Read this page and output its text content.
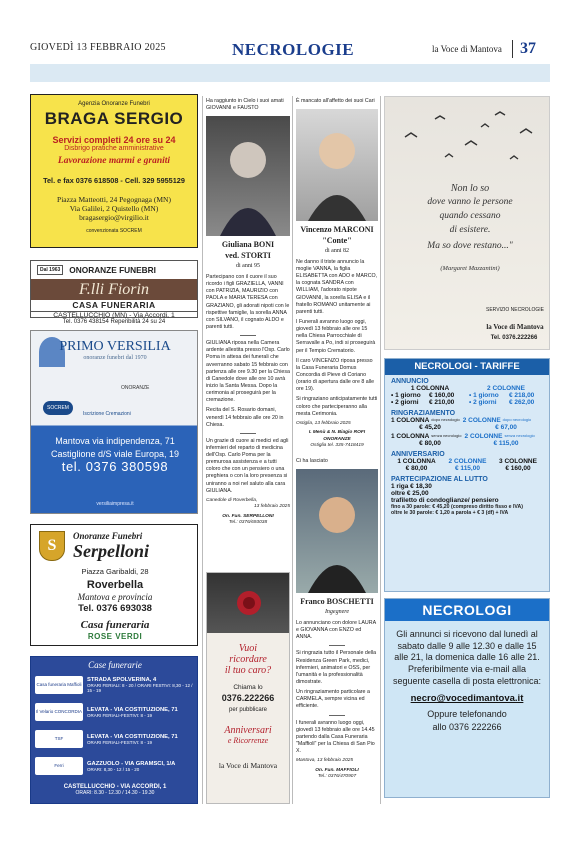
GIOVEDÌ 13 FEBBRAIO 2025	NECROLOGIE	la Voce di Mantova 37
Agenzia Onoranze Funebri
BRAGA SERGIO
Servizi completi 24 ore su 24
Disbrigo pratiche amministrative
Lavorazione marmi e graniti
Tel. e fax 0376 618508 - Cell. 329 5955129
Piazza Matteotti, 24 Pegognaga (MN)
Via Galilei, 2 Quistello (MN)
bragasergio@virgilio.it
convenzionata SOCREM
Dal 1963	ONORANZE FUNEBRI
F.lli Fiorin
CASA FUNERARIA
CASTELLUCCHIO (MN) - Via Accordi, 1
Tel. 0376 438154 Reperibilità 24 su 24
PRIMO VERSILIA
onoranze funebri dal 1970
ONORANZE
SOCREM
Iscrizione Cremazioni
Mantova via indipendenza, 71
Castiglione d/S viale Europa, 19
tel. 0376 380598
versiliaimpresa.it
S
Onoranze Funebri
Serpelloni
Piazza Garibaldi, 28
Roverbella
Mantova e provincia
Tel. 0376 693038
Casa funeraria
ROSE VERDI
Case funerarie
Casa funeraria Maffioli
STRADA SPOLVERINA, 4
ORARI FERIALI: 8 - 20 / ORARI FESTIVI: 8,30 - 12 / 15 - 19
Il Velario CONCORDIA LEVATA - VIA COSTITUZIONE, 71
ORARI FERIALI-FESTIVI: 8 - 19
TSF	LEVATA - VIA COSTITUZIONE, 71
ORARI FERIALI-FESTIVI: 8 - 19
Ferri	GAZZUOLO - VIA GRAMSCI, 1/A
ORARI: 8,30 - 12 / 15 - 20
CASTELLUCCHIO - VIA ACCORDI, 1
ORARI: 8.30 - 12.30 / 14.30 - 19.30

Ha raggiunto in Cielo i suoi amati GIOVANNI e FAUSTO

Giuliana BONI
ved. STORTI
di anni 95

Partecipano con il cuore il suo ricordo i figli GRAZIELLA, VANNI con PATRIZIA, MAURIZIO con PAOLA e MARIA TERESA con GRAZIANO, gli adorati nipoti con le rispettive famiglie, la sorella ANNA con SILVANO, il cognato ALDO e parenti tutti.

GIULIANA riposa nella Camera ardente allestita presso l'Osp. Carlo Poma in attesa dei funerali che avverranno sabato 15 febbraio con partenza alle ore 9.30 per la Chiesa di Canedole dove alle ore 10 avrà inizio la Santa Messa. Dopo la cerimonia al proseguirà per la cremazione.

Recita del S. Rosario domani, venerdì 14 febbraio alle ore 20 in Chiesa.

Un grazie di cuore ai medici ed agli infermieri del reparto di medicina dell'Osp. Carlo Poma per la premurosa assistenza e a tutti coloro che con un pensiero o una preghiera o con la loro presenza si uniranno a noi nel saluto alla cara GIULIANA.

Canedole di Roverbella,
13 febbraio 2025
On. Fun. SERPELLONI
Tel.: 0376/693038
Vuoi
ricordare
il tuo caro?
Chiama lo
0376.222266
per pubblicare
Anniversari
e Ricorrenze
la Voce di Mantova

È mancato all'affetto dei suoi Cari

Vincenzo MARCONI
"Conte"
di anni 82

Ne danno il triste annuncio la moglie VANNA, la figlia ELISABETTA con ADO e MARCO, la cognata SANDRA con WILLIAM, l'adorato nipote GIOVANNI, la sorella ELISA e il fratello ROMANO unitamente ai parenti tutti.

I Funerali avranno luogo oggi, giovedì 13 febbraio alle ore 15 nella Chiesa Parrocchiale di Serravalle a Po, indi si proseguirà per il Tempio Crematorio.

Il caro VINCENZO riposa presso la Casa Funeraria Domus Concordia di Pieve di Coriano (orario di apertura dalle ore 8 alle ore 19).

Si ringraziano anticipatamente tutti coloro che parteciperanno alla mesta Cerimonia.

Ostiglia, 13 febbraio 2025
I. Menù & N. Biagio ROFI ONORANZE
Ostiglia tel. 335-7418419

Ci ha lasciato

Franco BOSCHETTI
Ingegnere

Lo annunciano con dolore LAURA e GIOVANNA con ENZO ed ANNA.

Si ringrazia tutto il Personale della Residenza Green Park, medici, infermieri, animatori e OSS, per l'umanità e la professionalità dimostrate.

Un ringraziamento particolare a CARMELA, sempre vicina ed efficiente.

I funerali avranno luogo oggi, giovedì 13 febbraio alle ore 14.45 partendo dalla Casa Funeraria "Maffioli" per la Chiesa di San Pio X.

Mantova, 13 febbraio 2025
On. Fun. MAFFIOLI
Tel.: 0376/470907
Non lo so
dove vanno le persone
quando cessano
di esistere.
Ma so dove restano..."
(Margaret Mazzantini)
SERVIZIO NECROLOGIE
la Voce di Mantova
Tel. 0376.222266
NECROLOGI - TARIFFE
ANNUNCIO
1 COLONNA	2 COLONNE
• 1 giorno	€ 160,00	• 1 giorno	€ 218,00
• 2 giorni	€ 210,00	• 2 giorni	€ 262,00
RINGRAZIAMENTO
1 COLONNA dopo necrologio 2 COLONNE dopo necrologio
€ 45,20	€ 67,00
1 COLONNA senza necrologio 2 COLONNE senza necrologio
€ 80,00	€ 115,00
ANNIVERSARIO
1 COLONNA	2 COLONNE	3 COLONNE
€ 80,00	€ 115,00	€ 160,00
PARTECIPAZIONE AL LUTTO
1 riga € 18,30
oltre € 25,00
trafiletto di condoglianze/ pensiero
fino a 30 parole: € 45,20 (compreso diritto fisso e IVA)
oltre le 30 parole: € 1,20 a parola + € 3 (df) + IVA
NECROLOGI
Gli annunci si ricevono dal lunedì al sabato dalle 9 alle 12.30 e dalle 15 alle 21, la domenica dalle 16 alle 21. Preferibilmente via e-mail alla seguente casella di posta elettronica:
necro@vocedimantova.it
Oppure telefonando
allo 0376 222266
